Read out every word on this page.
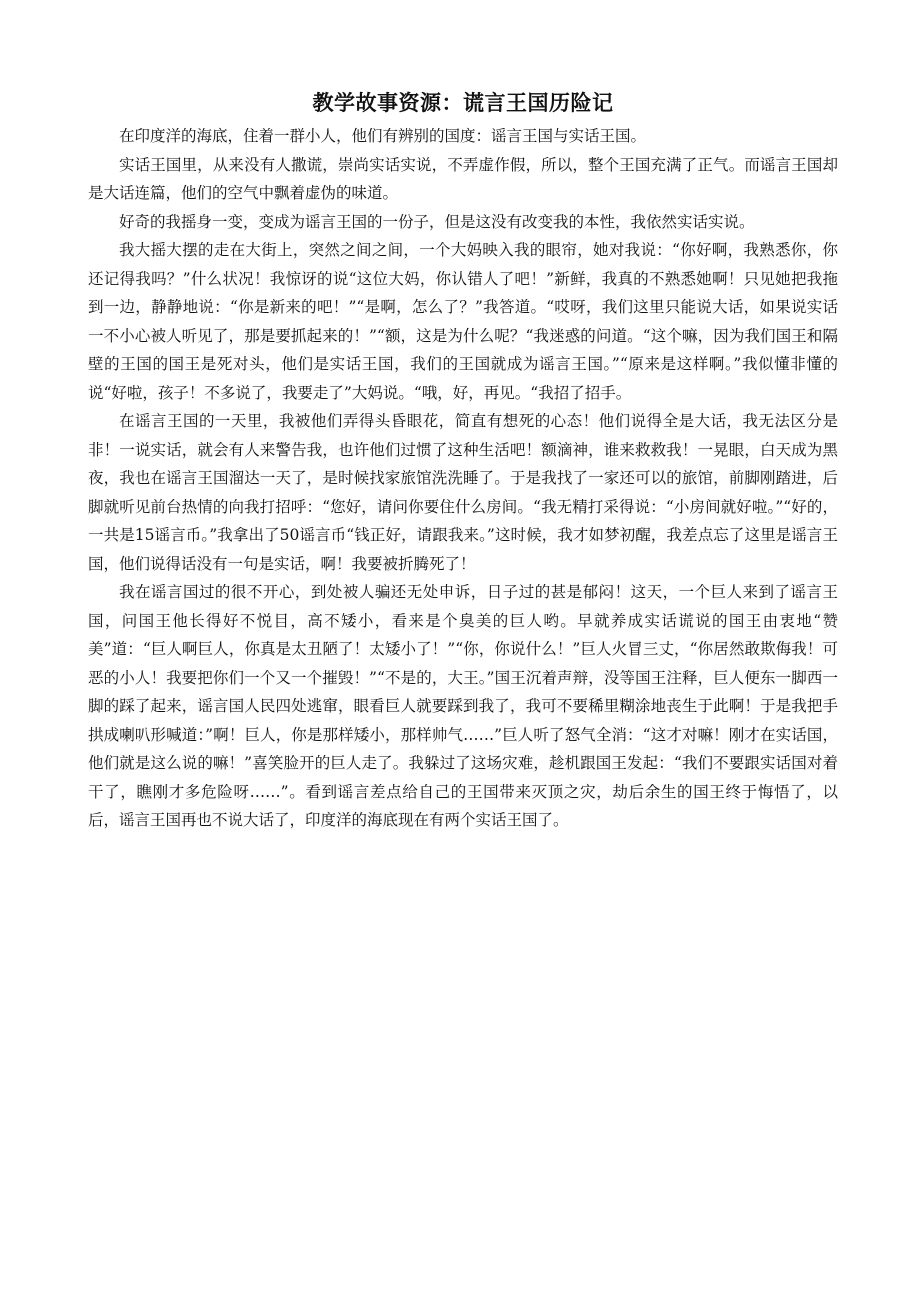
教学故事资源：谎言王国历险记

在印度洋的海底，住着一群小人，他们有辨别的国度：谣言王国与实话王国。

实话王国里，从来没有人撒谎，崇尚实话实说，不弄虚作假，所以，整个王国充满了正气。而谣言王国却是大话连篇，他们的空气中飘着虚伪的味道。

好奇的我摇身一变，变成为谣言王国的一份子，但是这没有改变我的本性，我依然实话实说。

我大摇大摆的走在大街上，突然之间之间，一个大妈映入我的眼帘，她对我说：“你好啊，我熟悉你，你还记得我吗？”什么状况！我惊讶的说“这位大妈，你认错人了吧！”新鲜，我真的不熟悉她啊！只见她把我拖到一边，静静地说：“你是新来的吧！”“是啊，怎么了？”我答道。“哎呀，我们这里只能说大话，如果说实话一不小心被人听见了，那是要抓起来的！”“额，这是为什么呢？“我迷惑的问道。“这个嘛，因为我们国王和隔壁的王国的国王是死对头，他们是实话王国，我们的王国就成为谣言王国。”“原来是这样啊。”我似懂非懂的说“好啦，孩子！不多说了，我要走了”大妈说。“哦，好，再见。“我招了招手。

在谣言王国的一天里，我被他们弄得头昏眼花，简直有想死的心态！他们说得全是大话，我无法区分是非！一说实话，就会有人来警告我，也许他们过惯了这种生活吧！额滴神，谁来救救我！一晃眼，白天成为黑夜，我也在谣言王国溜达一天了，是时候找家旅馆洗洗睡了。于是我找了一家还可以的旅馆，前脚刚踏进，后脚就听见前台热情的向我打招呼：“您好，请问你要住什么房间。“我无精打采得说：“小房间就好啦。”“好的，一共是15谣言币。”我拿出了50谣言币“钱正好，请跟我来。”这时候，我才如梦初醒，我差点忘了这里是谣言王国，他们说得话没有一句是实话，啊！我要被折腾死了！

我在谣言国过的很不开心，到处被人骗还无处申诉，日子过的甚是郁闷！这天，一个巨人来到了谣言王国，问国王他长得好不悦目，高不矮小，看来是个臭美的巨人哟。早就养成实话谎说的国王由衷地“赞美”道：“巨人啊巨人，你真是太丑陋了！太矮小了！”“你，你说什么！”巨人火冒三丈，“你居然敢欺侮我！可恶的小人！我要把你们一个又一个摧毁！”“不是的，大王。”国王沉着声辩，没等国王注释，巨人便东一脚西一脚的踩了起来，谣言国人民四处逃窜，眼看巨人就要踩到我了，我可不要稀里糊涂地丧生于此啊！于是我把手拱成喇叭形喊道：”啊！巨人，你是那样矮小，那样帅气……”巨人听了怒气全消：“这才对嘛！刚才在实话国，他们就是这么说的嘛！”喜笑脸开的巨人走了。我躲过了这场灾难，趁机跟国王发起：“我们不要跟实话国对着干了，瞧刚才多危险呀……”。看到谣言差点给自己的王国带来灭顶之灾，劫后余生的国王终于悔悟了，以后，谣言王国再也不说大话了，印度洋的海底现在有两个实话王国了。
